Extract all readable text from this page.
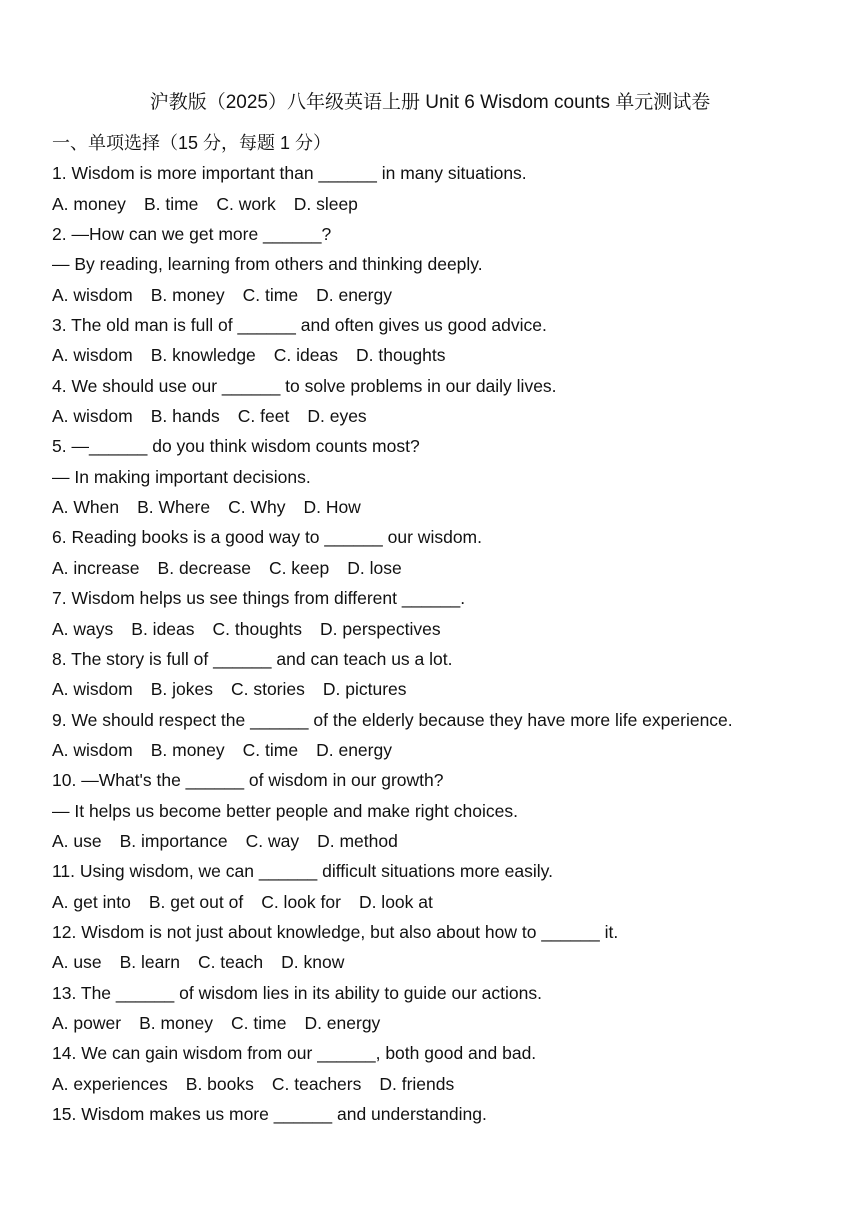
沪教版（2025）八年级英语上册 Unit 6 Wisdom counts 单元测试卷
一、单项选择（15 分，每题 1 分）
1. Wisdom is more important than ______ in many situations.
A. money B. time C. work D. sleep
2. —How can we get more ______?
— By reading, learning from others and thinking deeply.
A. wisdom B. money C. time D. energy
3. The old man is full of ______ and often gives us good advice.
A. wisdom B. knowledge C. ideas D. thoughts
4. We should use our ______ to solve problems in our daily lives.
A. wisdom B. hands C. feet D. eyes
5. —______ do you think wisdom counts most?
— In making important decisions.
A. When B. Where C. Why D. How
6. Reading books is a good way to ______ our wisdom.
A. increase B. decrease C. keep D. lose
7. Wisdom helps us see things from different ______.
A. ways B. ideas C. thoughts D. perspectives
8. The story is full of ______ and can teach us a lot.
A. wisdom B. jokes C. stories D. pictures
9. We should respect the ______ of the elderly because they have more life experience.
A. wisdom B. money C. time D. energy
10. —What's the ______ of wisdom in our growth?
— It helps us become better people and make right choices.
A. use B. importance C. way D. method
11. Using wisdom, we can ______ difficult situations more easily.
A. get into B. get out of C. look for D. look at
12. Wisdom is not just about knowledge, but also about how to ______ it.
A. use B. learn C. teach D. know
13. The ______ of wisdom lies in its ability to guide our actions.
A. power B. money C. time D. energy
14. We can gain wisdom from our ______, both good and bad.
A. experiences B. books C. teachers D. friends
15. Wisdom makes us more ______ and understanding.
